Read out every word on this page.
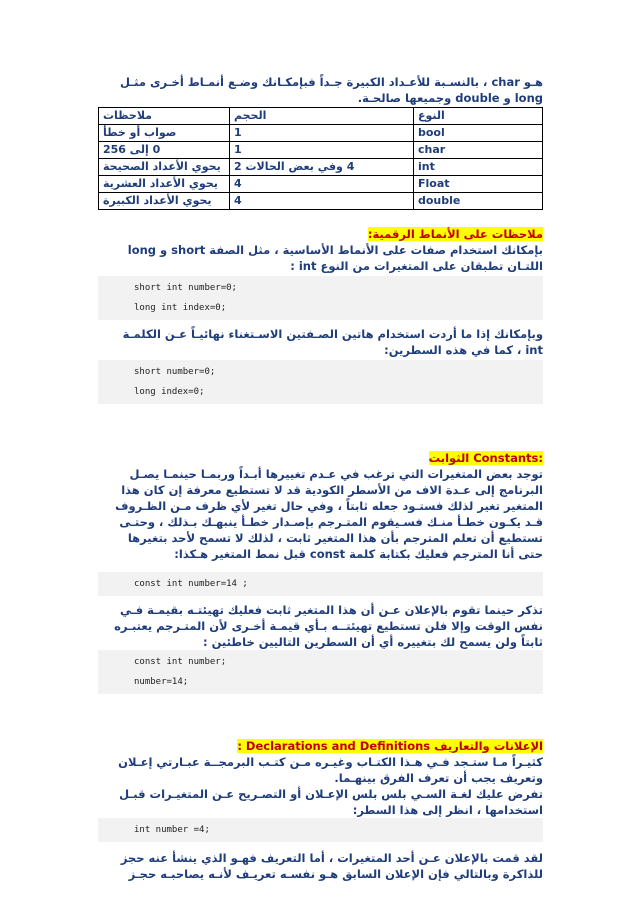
هـو char ، بالنسـبة للأعـداد الكبيرة جـداً فبإمكـانك وضـع أنمـاط أخـرى مثـل
long و double وجميعها صالحـة.

النوع	الحجم	ملاحظات
bool	1	صواب أو خطأ
char	1	0 إلى 256
int	4 وفي بعض الحالات 2	يحوي الأعداد الصحيحة
Float	4	يحوي الأعداد العشرية
double	4	يحوي الأعداد الكبيرة

ملاحظات على الأنماط الرقمية:

بإمكانك استخدام صفات على الأنماط الأساسية ، مثل الصفة short و long
اللتـان تطبقان على المتغيرات من النوع int :

short int number=0;
long int index=0;

وبإمكانك إذا ما أردت استخدام هاتين الصـفتين الاسـتغناء نهائيـاً عـن الكلمـة
int ، كما في هذه السطرين:

short number=0;
long index=0;

:Constants الثوابت

توجد بعض المتغيرات التي ترغب في عـدم تغييرها أبـداً وربمـا حينمـا يصـل
البرنامج إلى عـدة الاف من الأسطر الكودية قد لا تستطيع معرفة إن كان هذا
المتغير تغير لذلك فستـود جعله ثابتاً ، وفي حال تغير لأي ظرف مـن الظـروف
قـد يكـون خطـأ منـك فسـيقوم المتـرجم بإصـدار خطـأ ينبهـك بـذلك ، وحتـى
تستطيع أن تعلم المترجم بأن هذا المتغير ثابت ، لذلك لا تسمح لأحد بتغيرها
حتى أنا المترجم فعليك بكتابة كلمة const قبل نمط المتغير هـكذا:

const int number=14 ;

تذكر حينما تقوم بالإعلان عـن أن هذا المتغير ثابت فعليك تهيئتـه بقيمـة فـي
نفس الوقت وإلا فلن تستطيع تهيئتــه بـأي قيمـة أخـرى لأن المتـرجم يعتبـره
ثابتاً ولن يسمح لك بتغييره أي أن السطرين التاليين خاطئين :

const int number;
number=14;

الإعلانات والتعاريف Declarations and Definitions :

كثيـراً مـا ستـجد فـي هـذا الكتـاب وغيـره مـن كتـب البرمجــة عبـارتي إعـلان
وتعريف يجب أن تعرف الفرق بينهـما.

تفرض عليك لغـة السـي بلس بلس الإعـلان أو التصـريح عـن المتغيـرات قبـل
استخدامها ، انظر إلى هذا السطر:

int number =4;

لقد قمت بالإعلان عـن أحد المتغيرات ، أما التعريف فهـو الذي ينشأ عنه حجز
للذاكرة وبالتالي فإن الإعلان السابق هـو نفسـه تعريـف لأنـه يصاحبـه حجـز
